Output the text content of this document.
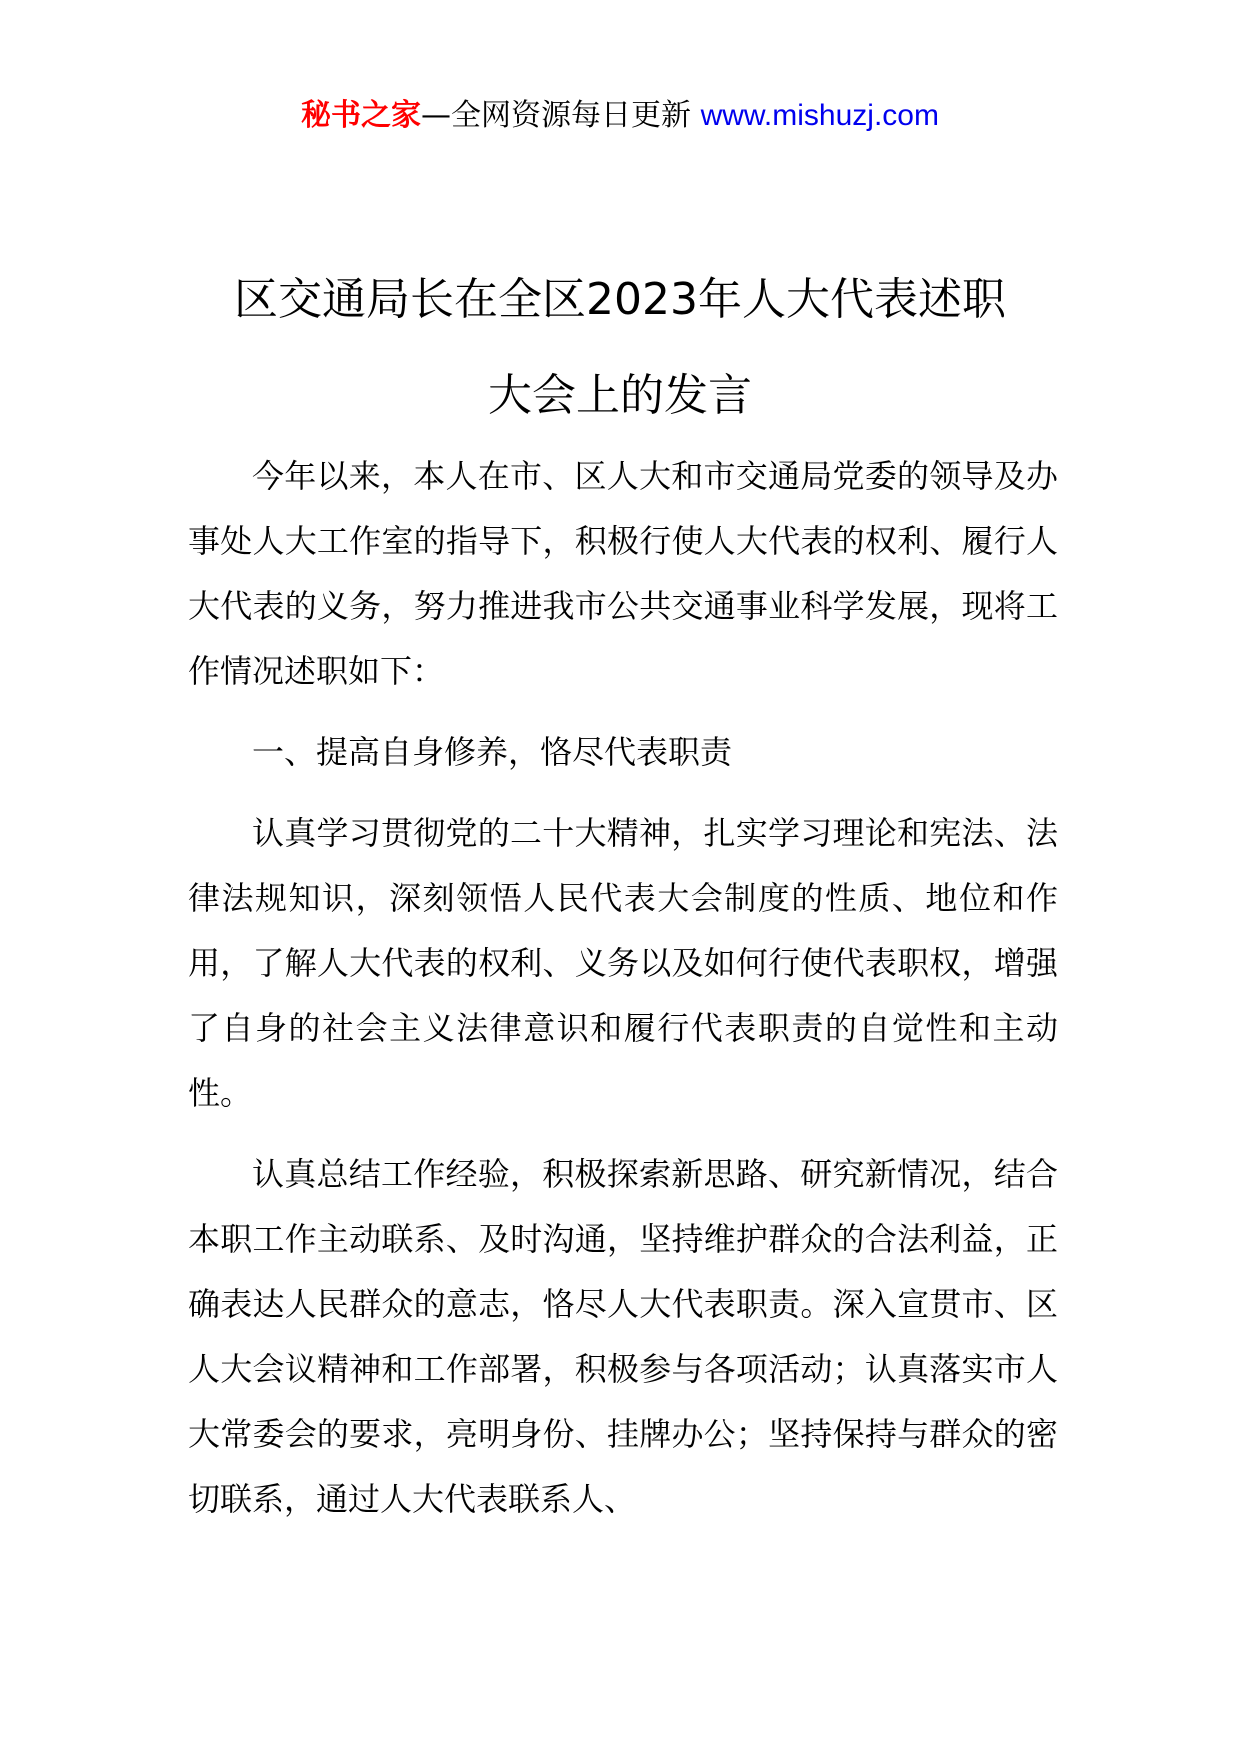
秘书之家—全网资源每日更新 www.mishuzj.com
区交通局长在全区2023年人大代表述职
大会上的发言

今年以来，本人在市、区人大和市交通局党委的领导及办事处人大工作室的指导下，积极行使人大代表的权利、履行人大代表的义务，努力推进我市公共交通事业科学发展，现将工作情况述职如下：

一、提高自身修养，恪尽代表职责

认真学习贯彻党的二十大精神，扎实学习理论和宪法、法律法规知识，深刻领悟人民代表大会制度的性质、地位和作用，了解人大代表的权利、义务以及如何行使代表职权，增强了自身的社会主义法律意识和履行代表职责的自觉性和主动性。

认真总结工作经验，积极探索新思路、研究新情况，结合本职工作主动联系、及时沟通，坚持维护群众的合法利益，正确表达人民群众的意志，恪尽人大代表职责。深入宣贯市、区人大会议精神和工作部署，积极参与各项活动；认真落实市人大常委会的要求，亮明身份、挂牌办公；坚持保持与群众的密切联系，通过人大代表联系人、
